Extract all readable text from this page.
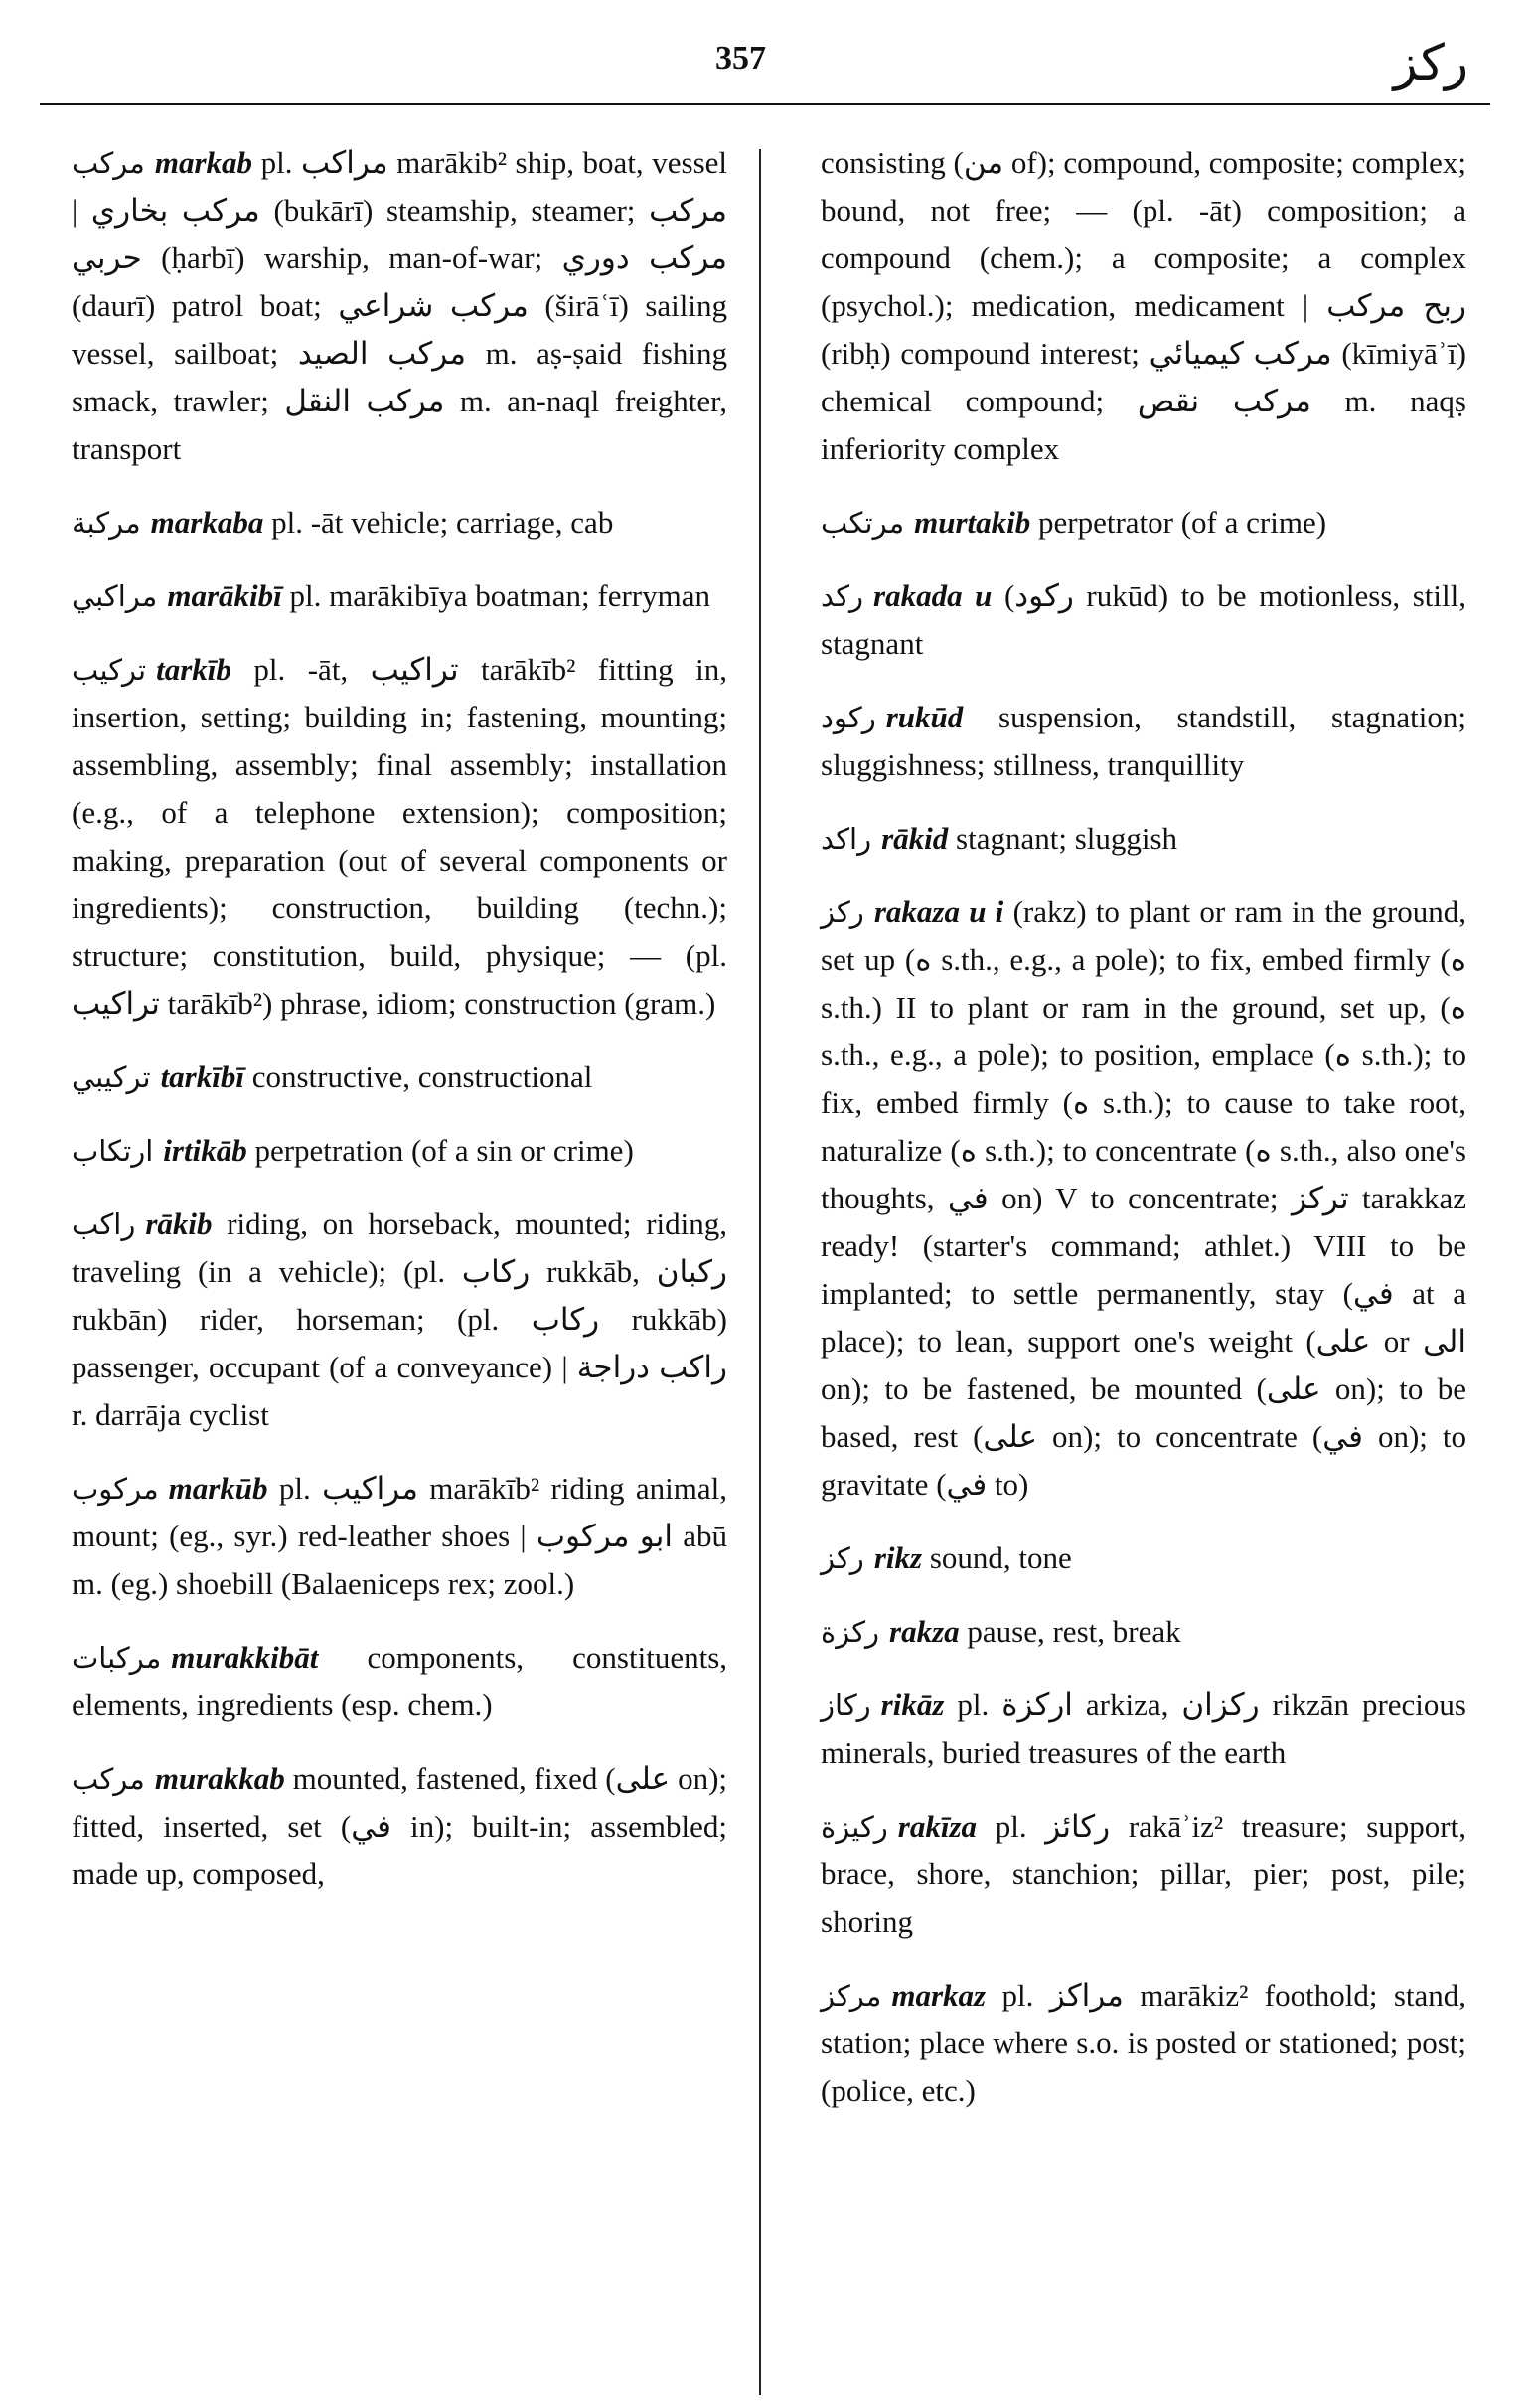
357	ركز

مركب markab pl. مراكب marākib² ship, boat, vessel | مركب بخاري (bukārī) steamship, steamer; مركب حربي (ḥarbī) warship, man-of-war; مركب دوري (daurī) patrol boat; مركب شراعي (širāʿī) sailing vessel, sailboat; مركب الصيد m. aṣ-ṣaid fishing smack, trawler; مركب النقل m. an-naql freighter, transport

مركبة markaba pl. -āt vehicle; carriage, cab

مراكبي marākibī pl. marākibīya boatman; ferryman

تركيب tarkīb pl. -āt, تراكيب tarākīb² fitting in, insertion, setting; building in; fastening, mounting; assembling, assembly; final assembly; installation (e.g., of a telephone extension); composition; making, preparation (out of several components or ingredients); construction, building (techn.); structure; constitution, build, physique; — (pl. تراكيب tarākīb²) phrase, idiom; construction (gram.)

تركيبي tarkībī constructive, constructional

ارتكاب irtikāb perpetration (of a sin or crime)

راكب rākib riding, on horseback, mounted; riding, traveling (in a vehicle); (pl. ركاب rukkāb, ركبان rukbān) rider, horseman; (pl. ركاب rukkāb) passenger, occupant (of a conveyance) | راكب دراجة r. darrāja cyclist

مركوب markūb pl. مراكيب marākīb² riding animal, mount; (eg., syr.) red-leather shoes | ابو مركوب abū m. (eg.) shoebill (Balaeniceps rex; zool.)

مركبات murakkibāt components, constituents, elements, ingredients (esp. chem.)

مركب murakkab mounted, fastened, fixed (على on); fitted, inserted, set (في in); built-in; assembled; made up, composed,

consisting (من of); compound, composite; complex; bound, not free; — (pl. -āt) composition; a compound (chem.); a composite; a complex (psychol.); medication, medicament | ربح مركب (ribḥ) compound interest; مركب كيميائي (kīmiyāʾī) chemical compound; مركب نقص m. naqṣ inferiority complex

مرتكب murtakib perpetrator (of a crime)

ركد rakada u (ركود rukūd) to be motionless, still, stagnant

ركود rukūd suspension, standstill, stagnation; sluggishness; stillness, tranquillity

راكد rākid stagnant; sluggish

ركز rakaza u i (rakz) to plant or ram in the ground, set up (ه s.th., e.g., a pole); to fix, embed firmly (ه s.th.) II to plant or ram in the ground, set up, (ه s.th., e.g., a pole); to position, emplace (ه s.th.); to fix, embed firmly (ه s.th.); to cause to take root, naturalize (ه s.th.); to concentrate (ه s.th., also one's thoughts, في on) V to concentrate; تركز tarakkaz ready! (starter's command; athlet.) VIII to be implanted; to settle permanently, stay (في at a place); to lean, support one's weight (على or الى on); to be fastened, be mounted (على on); to be based, rest (على on); to concentrate (في on); to gravitate (في to)

ركز rikz sound, tone

ركزة rakza pause, rest, break

ركاز rikāz pl. اركزة arkiza, ركزان rikzān precious minerals, buried treasures of the earth

ركيزة rakīza pl. ركائز rakāʾiz² treasure; support, brace, shore, stanchion; pillar, pier; post, pile; shoring

مركز markaz pl. مراكز marākiz² foothold; stand, station; place where s.o. is posted or stationed; post; (police, etc.)
